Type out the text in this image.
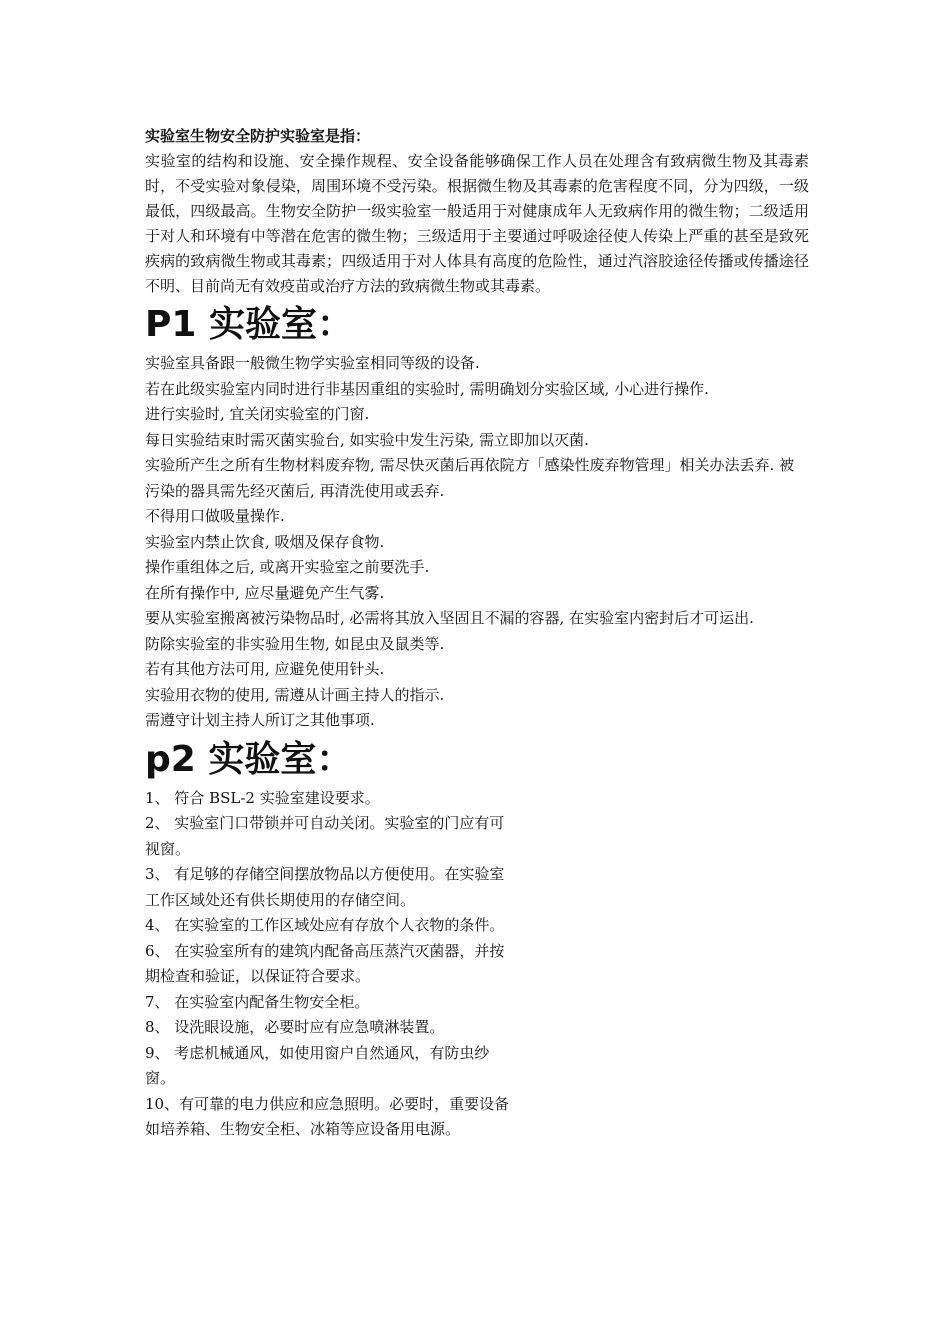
实验室生物安全防护实验室是指：

实验室的结构和设施、安全操作规程、安全设备能够确保工作人员在处理含有致病微生物及其毒素时，不受实验对象侵染，周围环境不受污染。根据微生物及其毒素的危害程度不同，分为四级，一级最低，四级最高。生物安全防护一级实验室一般适用于对健康成年人无致病作用的微生物；二级适用于对人和环境有中等潜在危害的微生物；三级适用于主要通过呼吸途径使人传染上严重的甚至是致死疾病的致病微生物或其毒素；四级适用于对人体具有高度的危险性，通过汽溶胶途径传播或传播途径不明、目前尚无有效疫苗或治疗方法的致病微生物或其毒素。

P1 实验室：
实验室具备跟一般微生物学实验室相同等级的设备.
若在此级实验室内同时进行非基因重组的实验时, 需明确划分实验区域, 小心进行操作.
进行实验时, 宜关闭实验室的门窗.
每日实验结束时需灭菌实验台, 如实验中发生污染, 需立即加以灭菌.
实验所产生之所有生物材料废弃物, 需尽快灭菌后再依院方「感染性废弃物管理」相关办法丢弃. 被污染的器具需先经灭菌后, 再清洗使用或丢弃.
不得用口做吸量操作.
实验室内禁止饮食, 吸烟及保存食物.
操作重组体之后, 或离开实验室之前要洗手.
在所有操作中, 应尽量避免产生气雾.
要从实验室搬离被污染物品时, 必需将其放入坚固且不漏的容器, 在实验室内密封后才可运出.
防除实验室的非实验用生物, 如昆虫及鼠类等.
若有其他方法可用, 应避免使用针头.
实验用衣物的使用, 需遵从计画主持人的指示.
需遵守计划主持人所订之其他事项.
p2 实验室：
1、 符合 BSL-2 实验室建设要求。
2、 实验室门口带锁并可自动关闭。实验室的门应有可视窗。
3、 有足够的存储空间摆放物品以方便使用。在实验室工作区域处还有供长期使用的存储空间。
4、 在实验室的工作区域处应有存放个人衣物的条件。
6、 在实验室所有的建筑内配备高压蒸汽灭菌器，并按期检查和验证，以保证符合要求。
7、 在实验室内配备生物安全柜。
8、 设洗眼设施，必要时应有应急喷淋装置。
9、 考虑机械通风，如使用窗户自然通风，有防虫纱窗。
10、有可靠的电力供应和应急照明。必要时，重要设备如培养箱、生物安全柜、冰箱等应设备用电源。
